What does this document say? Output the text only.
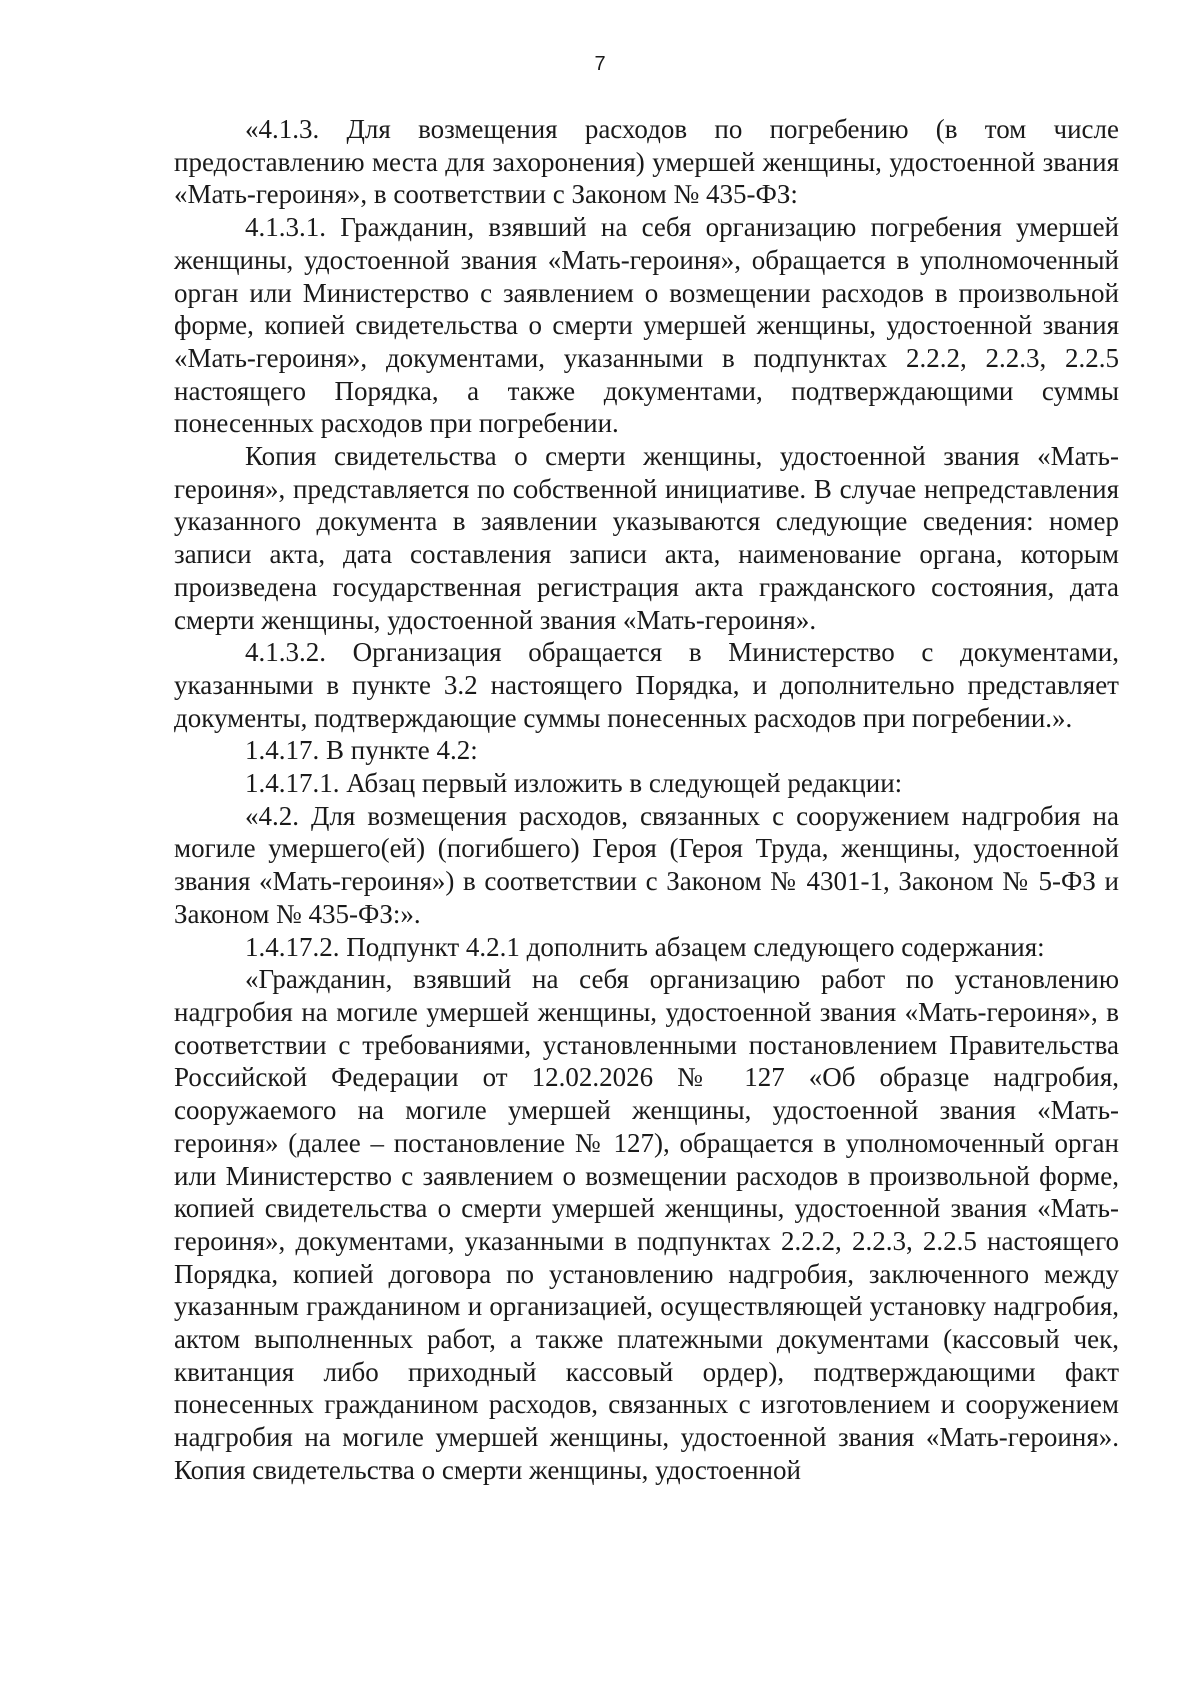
7

«4.1.3. Для возмещения расходов по погребению (в том числе предоставлению места для захоронения) умершей женщины, удостоенной звания «Мать-героиня», в соответствии с Законом № 435-ФЗ:

4.1.3.1. Гражданин, взявший на себя организацию погребения умершей женщины, удостоенной звания «Мать-героиня», обращается в уполномоченный орган или Министерство с заявлением о возмещении расходов в произвольной форме, копией свидетельства о смерти умершей женщины, удостоенной звания «Мать-героиня», документами, указанными в подпунктах 2.2.2, 2.2.3, 2.2.5 настоящего Порядка, а также документами, подтверждающими суммы понесенных расходов при погребении.

Копия свидетельства о смерти женщины, удостоенной звания «Мать-героиня», представляется по собственной инициативе. В случае непредставления указанного документа в заявлении указываются следующие сведения: номер записи акта, дата составления записи акта, наименование органа, которым произведена государственная регистрация акта гражданского состояния, дата смерти женщины, удостоенной звания «Мать-героиня».

4.1.3.2. Организация обращается в Министерство с документами, указанными в пункте 3.2 настоящего Порядка, и дополнительно представляет документы, подтверждающие суммы понесенных расходов при погребении.».

1.4.17. В пункте 4.2:

1.4.17.1. Абзац первый изложить в следующей редакции:

«4.2. Для возмещения расходов, связанных с сооружением надгробия на могиле умершего(ей) (погибшего) Героя (Героя Труда, женщины, удостоенной звания «Мать-героиня») в соответствии с Законом № 4301-1, Законом № 5-ФЗ и Законом № 435-ФЗ:».

1.4.17.2. Подпункт 4.2.1 дополнить абзацем следующего содержания:

«Гражданин, взявший на себя организацию работ по установлению надгробия на могиле умершей женщины, удостоенной звания «Мать-героиня», в соответствии с требованиями, установленными постановлением Правительства Российской Федерации от 12.02.2026 № 127 «Об образце надгробия, сооружаемого на могиле умершей женщины, удостоенной звания «Мать-героиня» (далее – постановление № 127), обращается в уполномоченный орган или Министерство с заявлением о возмещении расходов в произвольной форме, копией свидетельства о смерти умершей женщины, удостоенной звания «Мать-героиня», документами, указанными в подпунктах 2.2.2, 2.2.3, 2.2.5 настоящего Порядка, копией договора по установлению надгробия, заключенного между указанным гражданином и организацией, осуществляющей установку надгробия, актом выполненных работ, а также платежными документами (кассовый чек, квитанция либо приходный кассовый ордер), подтверждающими факт понесенных гражданином расходов, связанных с изготовлением и сооружением надгробия на могиле умершей женщины, удостоенной звания «Мать-героиня». Копия свидетельства о смерти женщины, удостоенной
